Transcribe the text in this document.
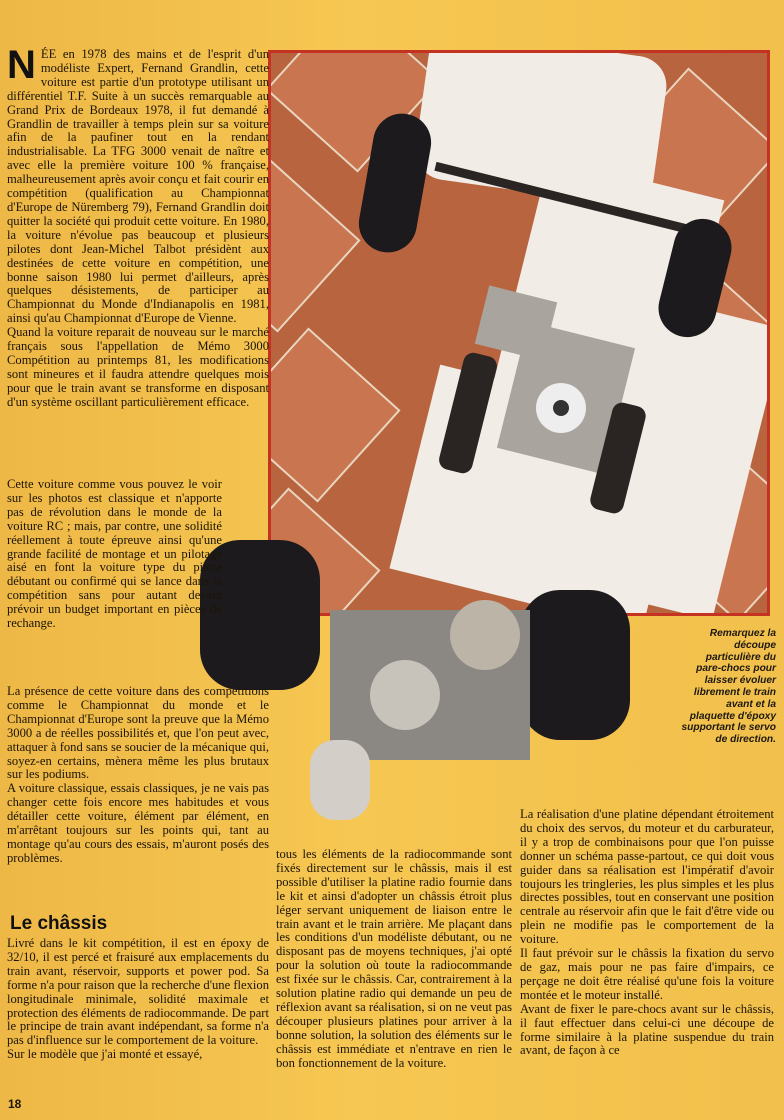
N ÉE en 1978 des mains et de l'esprit d'un modéliste Expert, Fernand Grandlin, cette voiture est partie d'un prototype utilisant un différentiel T.F. Suite à un succès remarquable au Grand Prix de Bordeaux 1978, il fut demandé à Grandlin de travailler à temps plein sur sa voiture afin de la paufiner tout en la rendant industrialisable. La TFG 3000 venait de naître et avec elle la première voiture 100 % française, malheureusement après avoir conçu et fait courir en compétition (qualification au Championnat d'Europe de Nüremberg 79), Fernand Grandlin doit quitter la société qui produit cette voiture. En 1980, la voiture n'évolue pas beaucoup et plusieurs pilotes dont Jean-Michel Talbot présidènt aux destinées de cette voiture en compétition, une bonne saison 1980 lui permet d'ailleurs, après quelques désistements, de participer au Championnat du Monde d'Indianapolis en 1981, ainsi qu'au Championnat d'Europe de Vienne.

Quand la voiture reparait de nouveau sur le marché français sous l'appellation de Mémo 3000 Compétition au printemps 81, les modifications sont mineures et il faudra attendre quelques mois pour que le train avant se transforme en disposant d'un système oscillant particulièrement efficace.

Cette voiture comme vous pouvez le voir sur les photos est classique et n'apporte pas de révolution dans le monde de la voiture RC ; mais, par contre, une solidité réellement à toute épreuve ainsi qu'une grande facilité de montage et un pilotage aisé en font la voiture type du pilote débutant ou confirmé qui se lance dans la compétition sans pour autant devant prévoir un budget important en pièces de rechange.

La présence de cette voiture dans des compétitions comme le Championnat du monde et le Championnat d'Europe sont la preuve que la Mémo 3000 a de réelles possibilités et, que l'on peut avec, attaquer à fond sans se soucier de la mécanique qui, soyez-en certains, mènera même les plus brutaux sur les podiums.

A voiture classique, essais classiques, je ne vais pas changer cette fois encore mes habitudes et vous détailler cette voiture, élément par élément, en m'arrêtant toujours sur les points qui, tant au montage qu'au cours des essais, m'auront posés des problèmes.

Le châssis

Livré dans le kit compétition, il est en époxy de 32/10, il est percé et fraisuré aux emplacements du train avant, réservoir, supports et power pod. Sa forme n'a pour raison que la recherche d'une flexion longitudinale minimale, solidité maximale et protection des éléments de radiocommande. De part le principe de train avant indépendant, sa forme n'a pas d'influence sur le comportement de la voiture.

Sur le modèle que j'ai monté et essayé,

tous les éléments de la radiocommande sont fixés directement sur le châssis, mais il est possible d'utiliser la platine radio fournie dans le kit et ainsi d'adopter un châssis étroit plus léger servant uniquement de liaison entre le train avant et le train arrière. Me plaçant dans les conditions d'un modéliste débutant, ou ne disposant pas de moyens techniques, j'ai opté pour la solution où toute la radiocommande est fixée sur le châssis. Car, contrairement à la solution platine radio qui demande un peu de réflexion avant sa réalisation, si on ne veut pas découper plusieurs platines pour arriver à la bonne solution, la solution des éléments sur le châssis est immédiate et n'entrave en rien le bon fonctionnement de la voiture.

La réalisation d'une platine dépendant étroitement du choix des servos, du moteur et du carburateur, il y a trop de combinaisons pour que l'on puisse donner un schéma passe-partout, ce qui doit vous guider dans sa réalisation est l'impératif d'avoir toujours les tringleries, les plus simples et les plus directes possibles, tout en conservant une position centrale au réservoir afin que le fait d'être vide ou plein ne modifie pas le comportement de la voiture.

Il faut prévoir sur le châssis la fixation du servo de gaz, mais pour ne pas faire d'impairs, ce perçage ne doit être réalisé qu'une fois la voiture montée et le moteur installé.

Avant de fixer le pare-chocs avant sur le châssis, il faut effectuer dans celui-ci une découpe de forme similaire à la platine suspendue du train avant, de façon à ce

Remarquez la découpe particulière du pare-chocs pour laisser évoluer librement le train avant et la plaquette d'époxy supportant le servo de direction.
18
